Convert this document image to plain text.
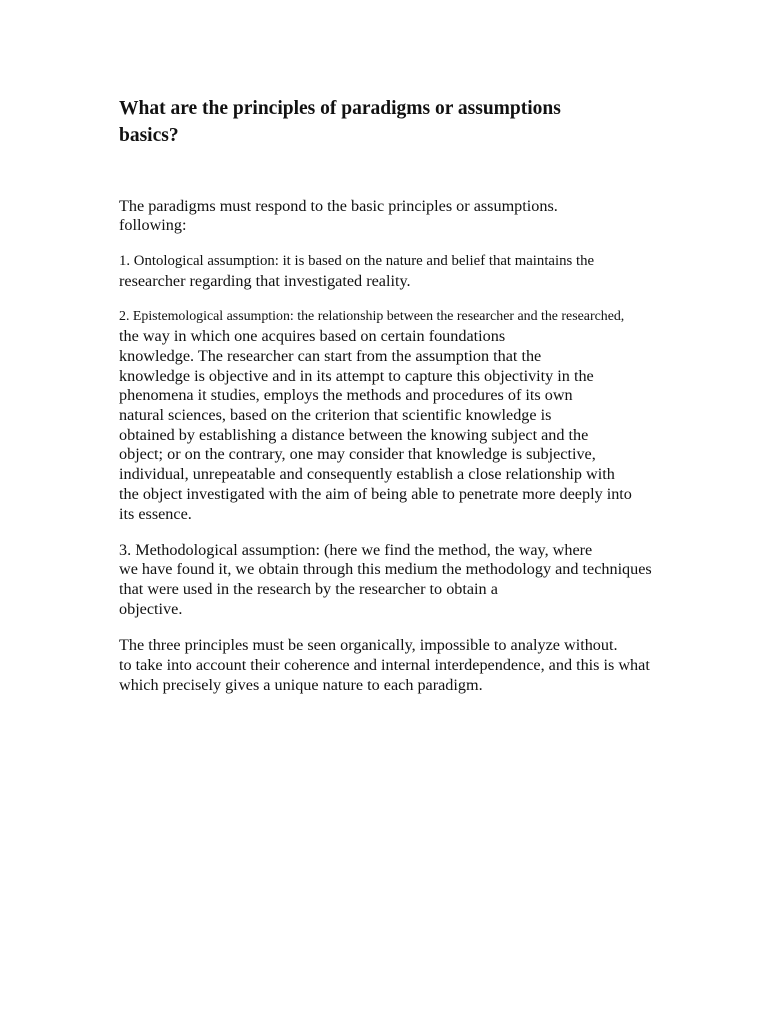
What are the principles of paradigms or assumptions
basics?

The paradigms must respond to the basic principles or assumptions.

following:

1. Ontological assumption: it is based on the nature and belief that maintains the

researcher regarding that investigated reality.

2. Epistemological assumption: the relationship between the researcher and the researched,

the way in which one acquires based on certain foundations

knowledge. The researcher can start from the assumption that the

knowledge is objective and in its attempt to capture this objectivity in the

phenomena it studies, employs the methods and procedures of its own

natural sciences, based on the criterion that scientific knowledge is

obtained by establishing a distance between the knowing subject and the

object; or on the contrary, one may consider that knowledge is subjective,

individual, unrepeatable and consequently establish a close relationship with

the object investigated with the aim of being able to penetrate more deeply into

its essence.

3. Methodological assumption: (here we find the method, the way, where

we have found it, we obtain through this medium the methodology and techniques

that were used in the research by the researcher to obtain a

objective.

The three principles must be seen organically, impossible to analyze without.

to take into account their coherence and internal interdependence, and this is what

which precisely gives a unique nature to each paradigm.
